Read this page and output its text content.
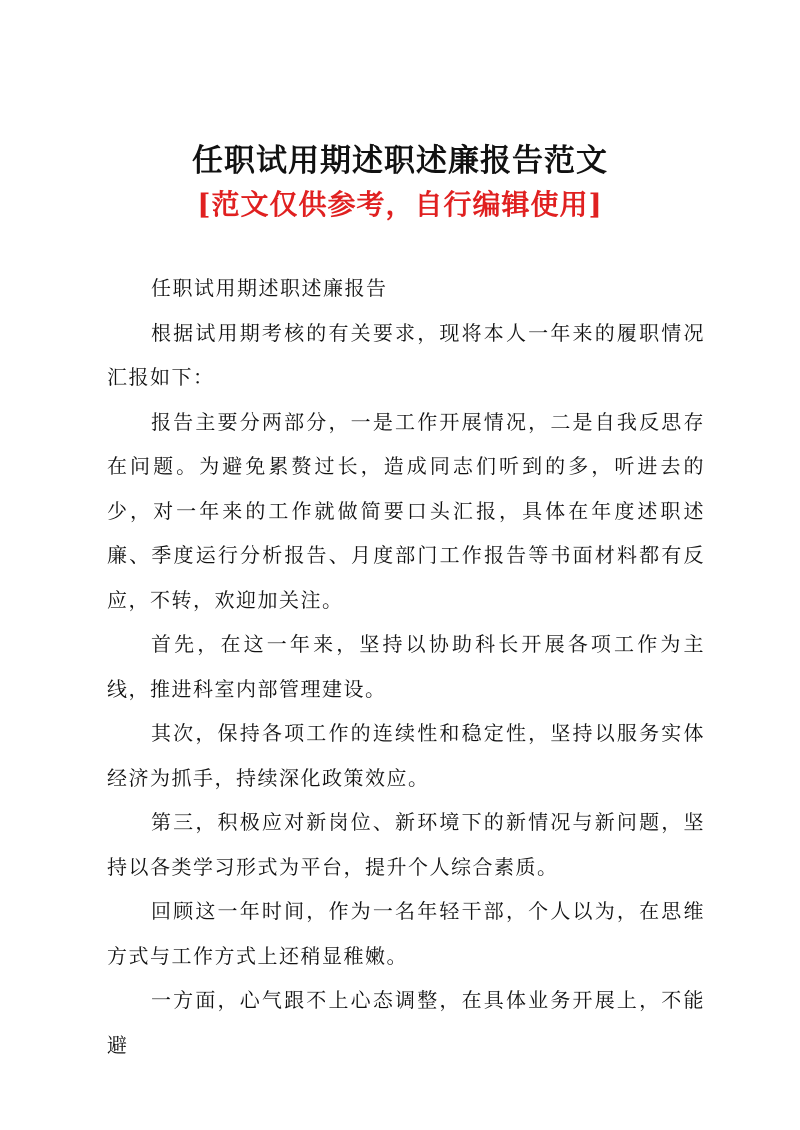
任职试用期述职述廉报告范文
[范文仅供参考，自行编辑使用]

任职试用期述职述廉报告

根据试用期考核的有关要求，现将本人一年来的履职情况汇报如下：

报告主要分两部分，一是工作开展情况，二是自我反思存在问题。为避免累赘过长，造成同志们听到的多，听进去的少，对一年来的工作就做简要口头汇报，具体在年度述职述廉、季度运行分析报告、月度部门工作报告等书面材料都有反应，不转，欢迎加关注。

首先，在这一年来，坚持以协助科长开展各项工作为主线，推进科室内部管理建设。

其次，保持各项工作的连续性和稳定性，坚持以服务实体经济为抓手，持续深化政策效应。

第三，积极应对新岗位、新环境下的新情况与新问题，坚持以各类学习形式为平台，提升个人综合素质。

回顾这一年时间，作为一名年轻干部，个人以为，在思维方式与工作方式上还稍显稚嫩。

一方面，心气跟不上心态调整，在具体业务开展上，不能避
